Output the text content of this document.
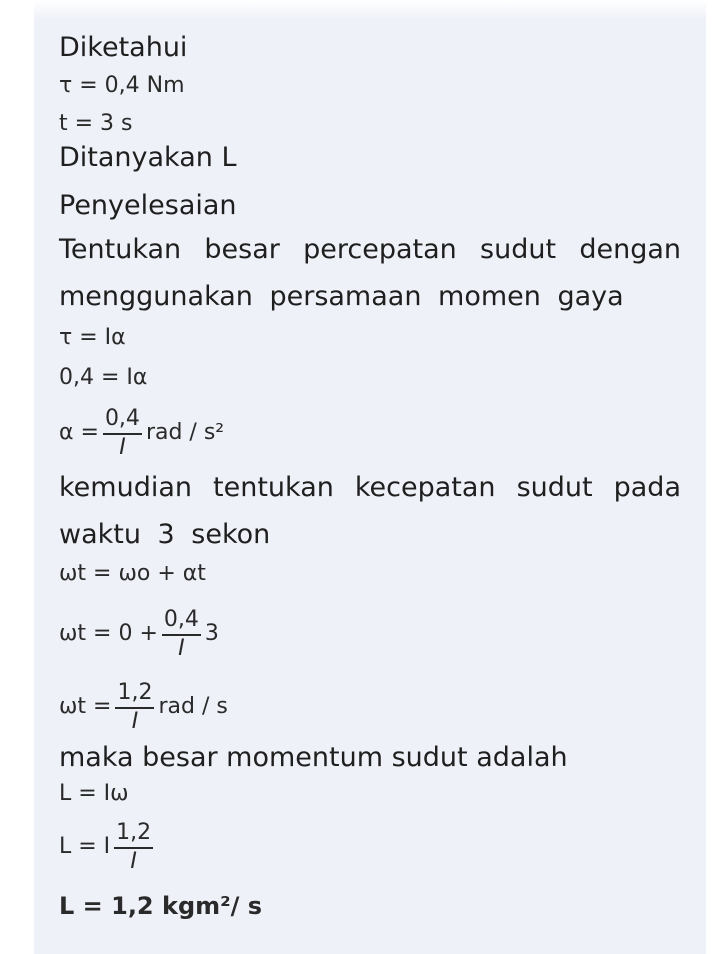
Diketahui

τ = 0,4 Nm

t = 3 s

Ditanyakan L

Penyelesaian

Tentukan besar percepatan sudut dengan menggunakan persamaan momen gaya

τ = Iα

0,4 = Iα

$\alpha = \frac{0,4}{I}$ rad / s²

kemudian tentukan kecepatan sudut pada waktu 3 sekon

ωt = ωo + αt

$\omega t = 0 + \frac{0,4}{I} 3$

$\omega t = \frac{1,2}{I}$ rad / s

maka besar momentum sudut adalah

L = Iω

L = I $\frac{1,2}{I}$

L = 1,2 kgm²/ s
